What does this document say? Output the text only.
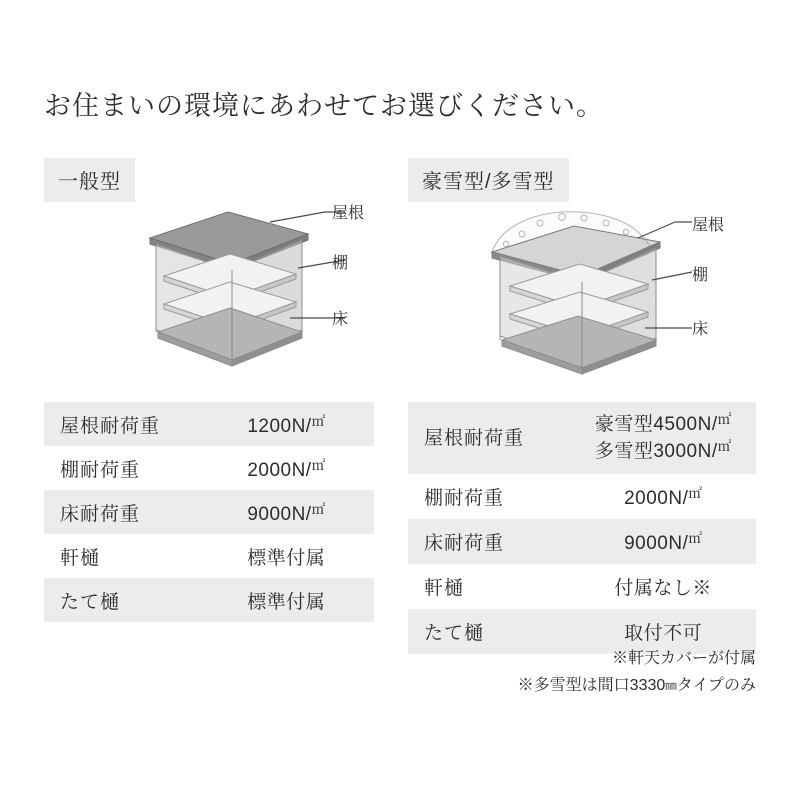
お住まいの環境にあわせてお選びください。
一般型
屋根
棚
床
屋根耐荷重	1200N/㎡
棚耐荷重	2000N/㎡
床耐荷重	9000N/㎡
軒樋	標準付属
たて樋	標準付属
豪雪型/多雪型
屋根
棚
床
屋根耐荷重	豪雪型4500N/㎡
多雪型3000N/㎡
棚耐荷重	2000N/㎡
床耐荷重	9000N/㎡
軒樋	付属なし※
たて樋	取付不可
※軒天カバーが付属
※多雪型は間口3330㎜タイプのみ
